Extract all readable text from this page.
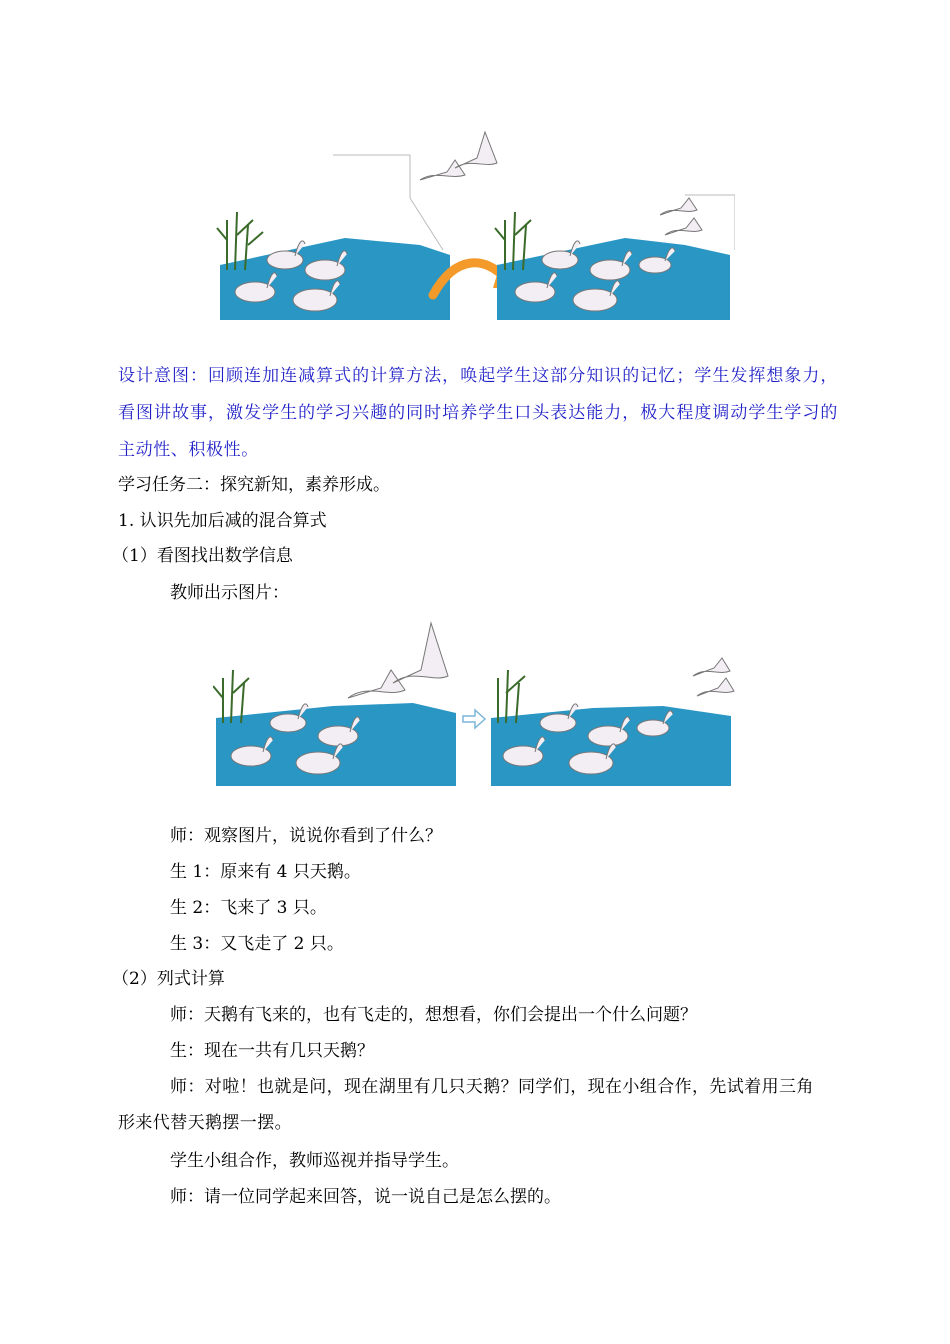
设计意图：回顾连加连减算式的计算方法，唤起学生这部分知识的记忆；学生发挥想象力，看图讲故事，激发学生的学习兴趣的同时培养学生口头表达能力，极大程度调动学生学习的主动性、积极性。
学习任务二：探究新知，素养形成。
1. 认识先加后减的混合算式
（1）看图找出数学信息
教师出示图片：
师：观察图片，说说你看到了什么？
生 1：原来有 4 只天鹅。
生 2：飞来了 3 只。
生 3：又飞走了 2 只。
（2）列式计算
师：天鹅有飞来的，也有飞走的，想想看，你们会提出一个什么问题？
生：现在一共有几只天鹅？
师：对啦！也就是问，现在湖里有几只天鹅？同学们，现在小组合作，先试着用三角形来代替天鹅摆一摆。
学生小组合作，教师巡视并指导学生。
师：请一位同学起来回答，说一说自己是怎么摆的。
